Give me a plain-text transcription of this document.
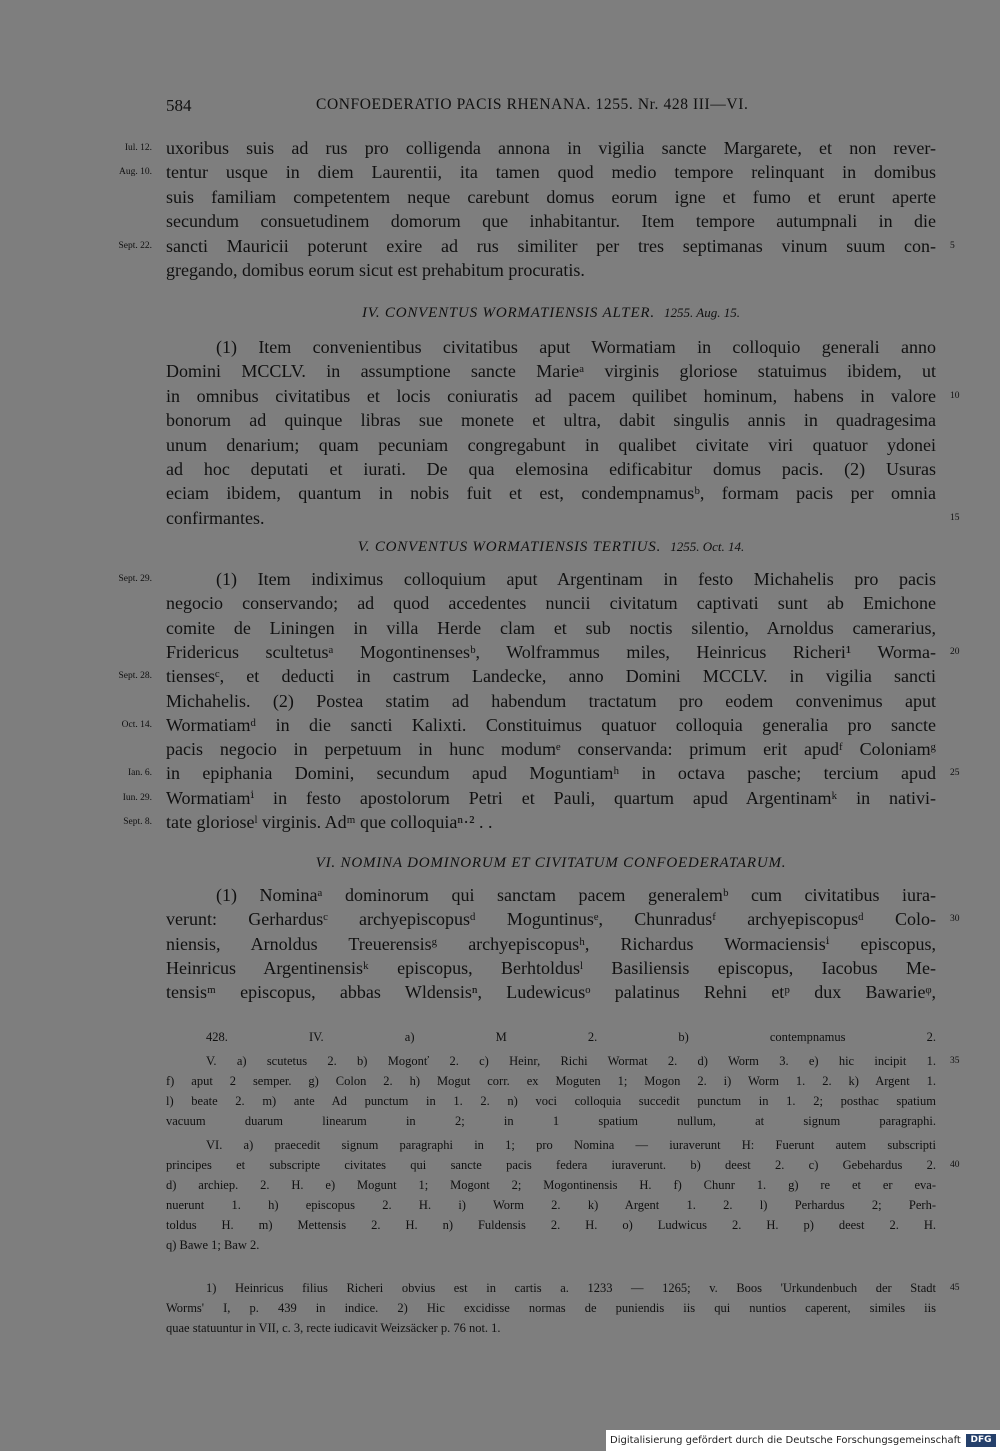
584	CONFOEDERATIO PACIS RHENANA. 1255. Nr. 428 III—VI.
uxoribus suis ad rus pro colligenda annona in vigilia sancte Margarete, et non rever-
Iul. 12.
tentur usque in diem Laurentii, ita tamen quod medio tempore relinquant in domibus
Aug. 10.
suis familiam competentem neque carebunt domus eorum igne et fumo et erunt aperte
secundum consuetudinem domorum que inhabitantur. Item tempore autumpnali in die
sancti Mauricii poterunt exire ad rus similiter per tres septimanas vinum suum con-
Sept. 22.	5
gregando, domibus eorum sicut est prehabitum procuratis.
IV. CONVENTUS WORMATIENSIS ALTER. 1255. Aug. 15.
(1) Item convenientibus civitatibus aput Wormatiam in colloquio generali anno
Domini MCCLV. in assumptione sancte Marieᵃ virginis gloriose statuimus ibidem, ut
in omnibus civitatibus et locis coniuratis ad pacem quilibet hominum, habens in valore 10
bonorum ad quinque libras sue monete et ultra, dabit singulis annis in quadragesima
unum denarium; quam pecuniam congregabunt in qualibet civitate viri quatuor ydonei
ad hoc deputati et iurati. De qua elemosina edificabitur domus pacis. (2) Usuras
eciam ibidem, quantum in nobis fuit et est, condempnamusᵇ, formam pacis per omnia
confirmantes.	15
V. CONVENTUS WORMATIENSIS TERTIUS. 1255. Oct. 14.
(1) Item indiximus colloquium aput Argentinam in festo Michahelis pro pacis
Sept. 29.
negocio conservando; ad quod accedentes nuncii civitatum captivati sunt ab Emichone
comite de Liningen in villa Herde clam et sub noctis silentio, Arnoldus camerarius,
Fridericus scultetusᵃ Mogontinensesᵇ, Wolframmus miles, Heinricus Richeri¹ Worma- 20
tiensesᶜ, et deducti in castrum Landecke, anno Domini MCCLV. in vigilia sancti
Sept. 28.
Michahelis. (2) Postea statim ad habendum tractatum pro eodem convenimus aput
Wormatiamᵈ in die sancti Kalixti. Constituimus quatuor colloquia generalia pro sancte
Oct. 14.
pacis negocio in perpetuum in hunc modumᵉ conservanda: primum erit apudᶠ Coloniamᵍ
in epiphania Domini, secundum apud Moguntiamʰ in octava pasche; tercium apud
Ian. 6.	25
Wormatiamⁱ in festo apostolorum Petri et Pauli, quartum apud Argentinamᵏ in nativi-
Iun. 29.
tate glorioseˡ virginis. Adᵐ que colloquiaⁿ·² . .
Sept. 8.
VI. NOMINA DOMINORUM ET CIVITATUM CONFOEDERATARUM.
(1) Nominaᵃ dominorum qui sanctam pacem generalemᵇ cum civitatibus iura-
verunt: Gerhardusᶜ archyepiscopusᵈ Moguntinusᵉ, Chunradusᶠ archyepiscopusᵈ Colo- 30
niensis, Arnoldus Treuerensisᵍ archyepiscopusʰ, Richardus Wormaciensisⁱ episcopus,
Heinricus Argentinensisᵏ episcopus, Berhtoldusˡ Basiliensis episcopus, Iacobus Me-
tensisᵐ episcopus, abbas Wldensisⁿ, Ludewicusᵒ palatinus Rehni etᵖ dux Bawarieᵠ,
428. IV. a) M 2. b) contempnamus 2.
V. a) scutetus 2. b) Mogonť 2. c) Heinr, Richi Wormat 2. d) Worm 3. e) hic incipit 1. 35
f) aput 2 semper. g) Colon 2. h) Mogut corr. ex Moguten 1; Mogon 2. i) Worm 1. 2. k) Argent 1.
l) beate 2. m) ante Ad punctum in 1. 2. n) voci colloquia succedit punctum in 1. 2; posthac spatium
vacuum duarum linearum in 2; in 1 spatium nullum, at signum paragraphi.
VI. a) praecedit signum paragraphi in 1; pro Nomina — iuraverunt H: Fuerunt autem subscripti
principes et subscripte civitates qui sancte pacis federa iuraverunt. b) deest 2. c) Gebehardus 2. 40
d) archiep. 2. H. e) Mogunt 1; Mogont 2; Mogontinensis H. f) Chunr 1. g) re et er eva-
nuerunt 1. h) episcopus 2. H. i) Worm 2. k) Argent 1. 2. l) Perhardus 2; Perh-
toldus H. m) Mettensis 2. H. n) Fuldensis 2. H. o) Ludwicus 2. H. p) deest 2. H.
q) Bawe 1; Baw 2.
1) Heinricus filius Richeri obvius est in cartis a. 1233 — 1265; v. Boos 'Urkundenbuch der Stadt 45
Worms' I, p. 439 in indice. 2) Hic excidisse normas de puniendis iis qui nuntios caperent, similes iis
quae statuuntur in VII, c. 3, recte iudicavit Weizsäcker p. 76 not. 1.
Digitalisierung gefördert durch die Deutsche Forschungsgemeinschaft	DFG
